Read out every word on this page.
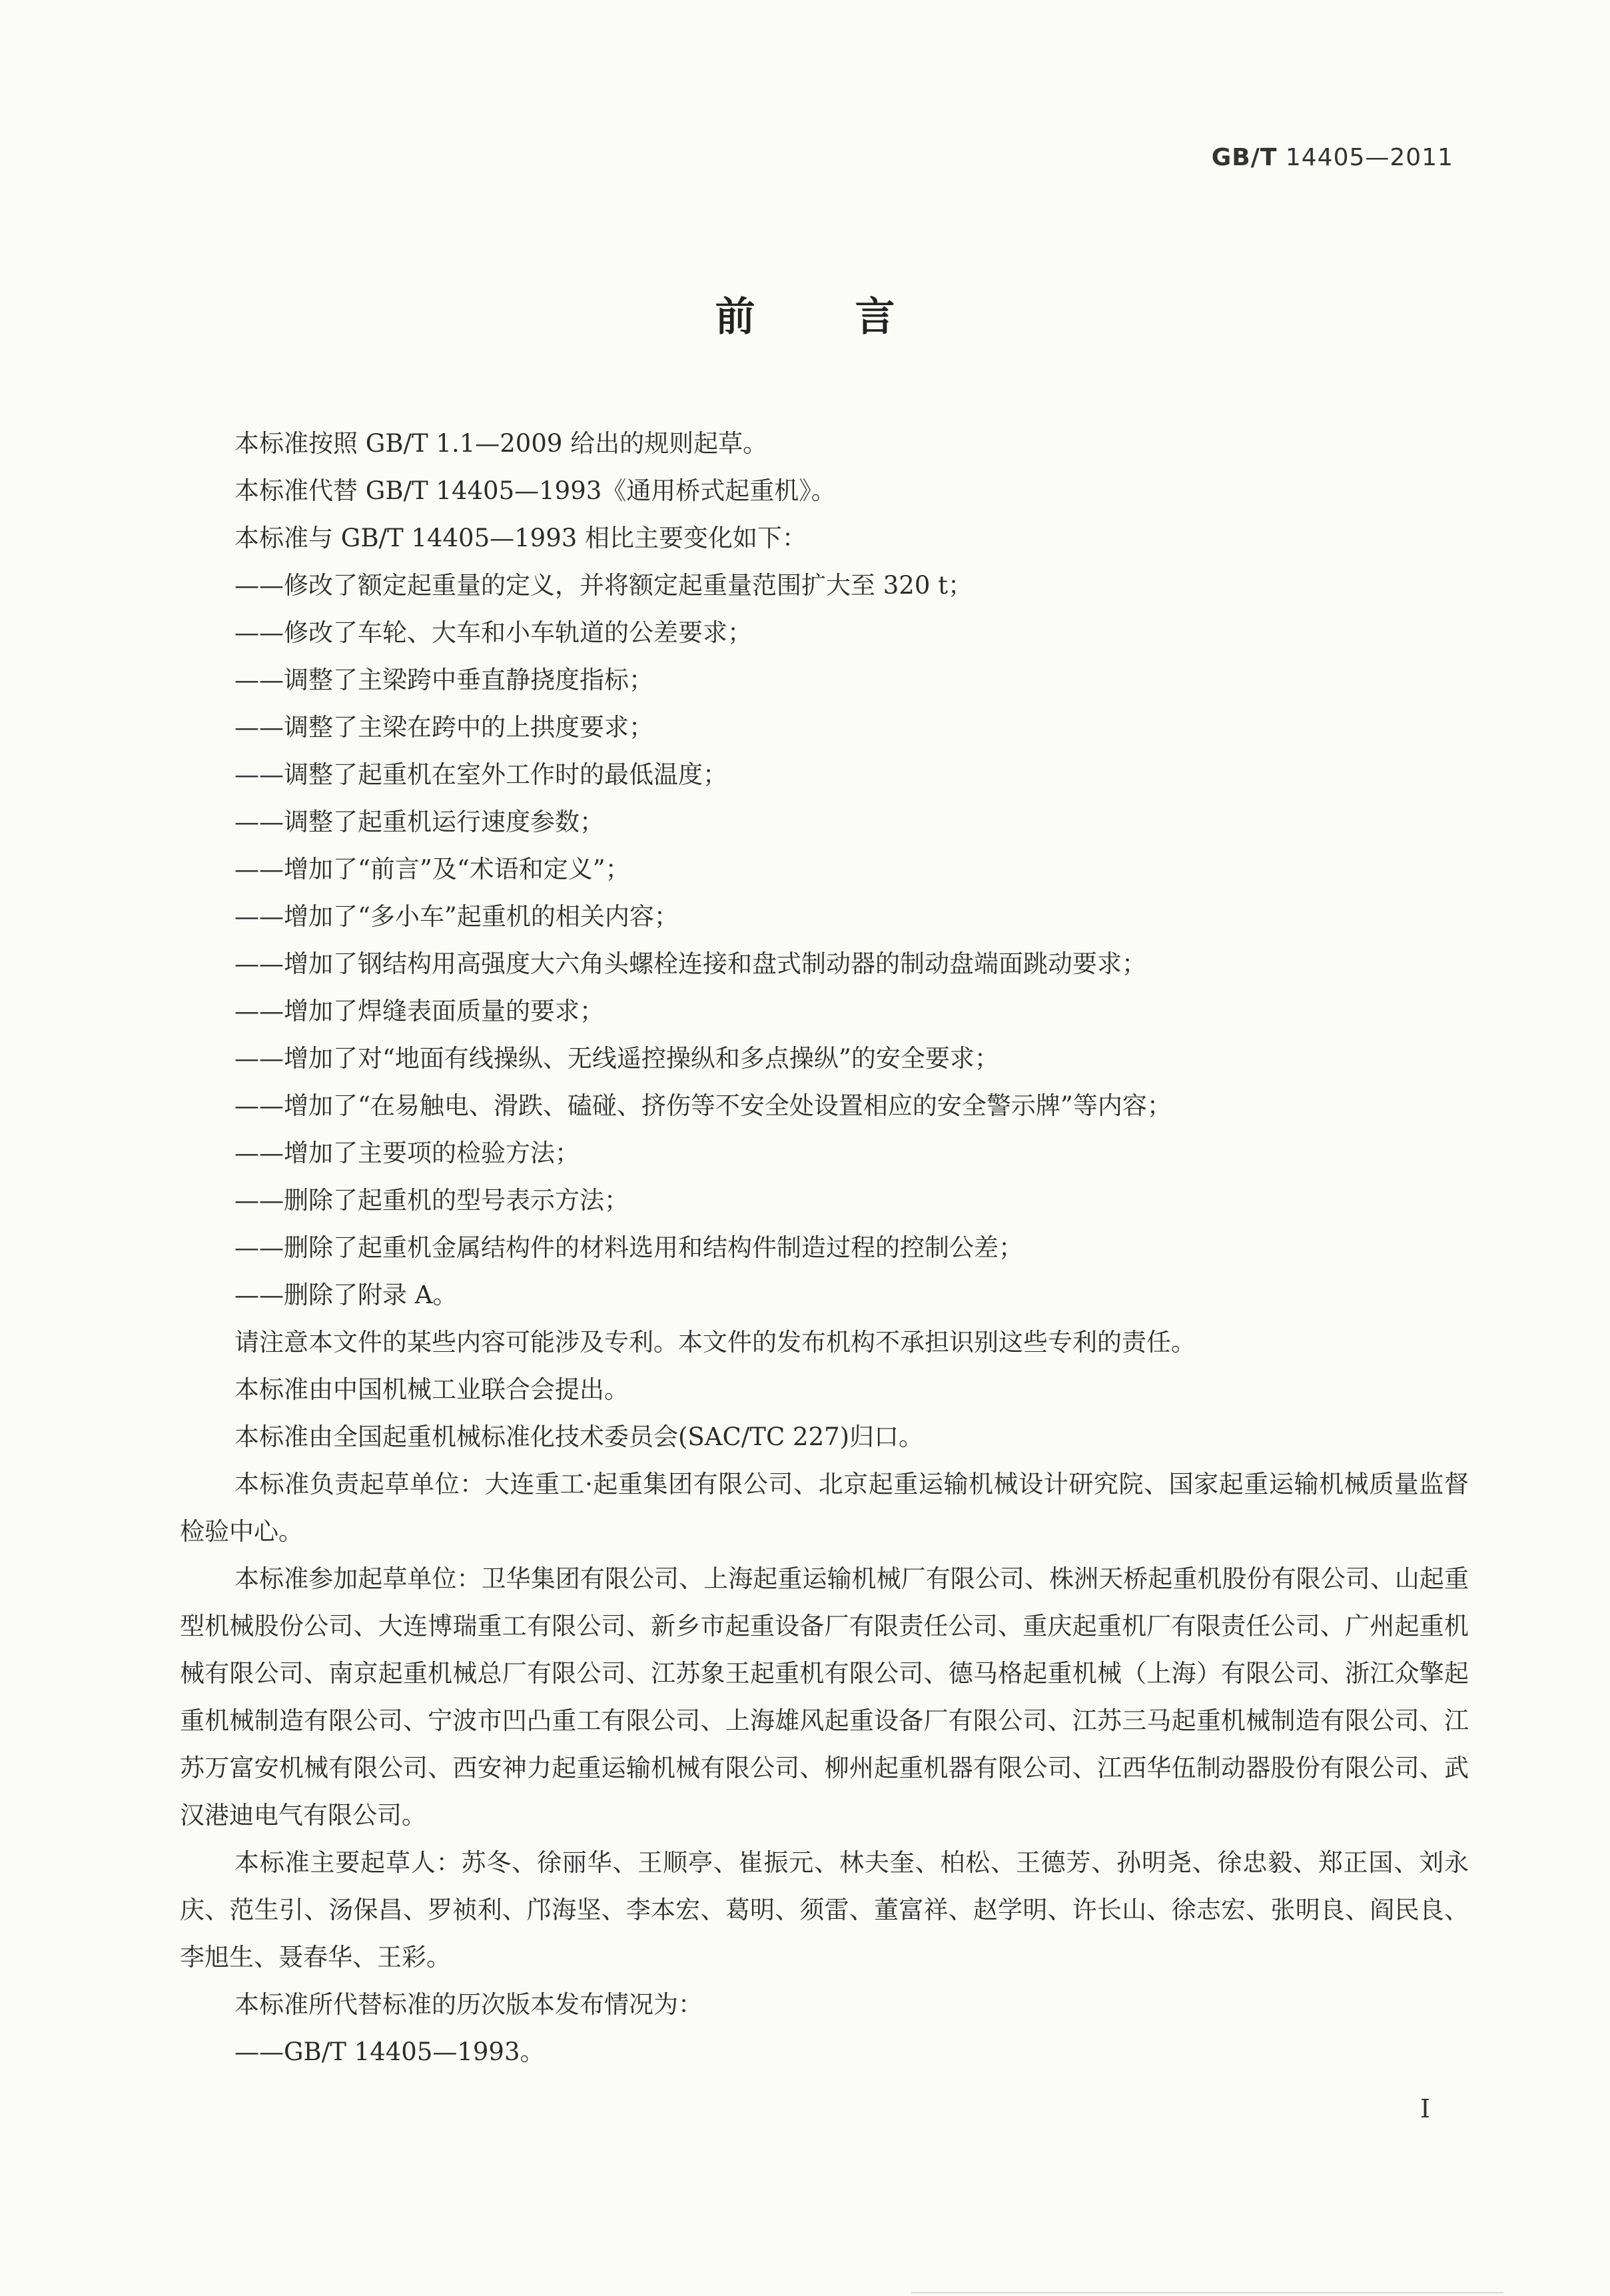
GB/T 14405—2011
前言

本标准按照 GB/T 1.1—2009 给出的规则起草。

本标准代替 GB/T 14405—1993《通用桥式起重机》。

本标准与 GB/T 14405—1993 相比主要变化如下：

——修改了额定起重量的定义，并将额定起重量范围扩大至 320 t；

——修改了车轮、大车和小车轨道的公差要求；

——调整了主梁跨中垂直静挠度指标；

——调整了主梁在跨中的上拱度要求；

——调整了起重机在室外工作时的最低温度；

——调整了起重机运行速度参数；

——增加了“前言”及“术语和定义”；

——增加了“多小车”起重机的相关内容；

——增加了钢结构用高强度大六角头螺栓连接和盘式制动器的制动盘端面跳动要求；

——增加了焊缝表面质量的要求；

——增加了对“地面有线操纵、无线遥控操纵和多点操纵”的安全要求；

——增加了“在易触电、滑跌、磕碰、挤伤等不安全处设置相应的安全警示牌”等内容；

——增加了主要项的检验方法；

——删除了起重机的型号表示方法；

——删除了起重机金属结构件的材料选用和结构件制造过程的控制公差；

——删除了附录 A。

请注意本文件的某些内容可能涉及专利。本文件的发布机构不承担识别这些专利的责任。

本标准由中国机械工业联合会提出。

本标准由全国起重机械标准化技术委员会(SAC/TC 227)归口。

本标准负责起草单位：大连重工·起重集团有限公司、北京起重运输机械设计研究院、国家起重运输机械质量监督检验中心。

本标准参加起草单位：卫华集团有限公司、上海起重运输机械厂有限公司、株洲天桥起重机股份有限公司、山起重型机械股份公司、大连博瑞重工有限公司、新乡市起重设备厂有限责任公司、重庆起重机厂有限责任公司、广州起重机械有限公司、南京起重机械总厂有限公司、江苏象王起重机有限公司、德马格起重机械（上海）有限公司、浙江众擎起重机械制造有限公司、宁波市凹凸重工有限公司、上海雄风起重设备厂有限公司、江苏三马起重机械制造有限公司、江苏万富安机械有限公司、西安神力起重运输机械有限公司、柳州起重机器有限公司、江西华伍制动器股份有限公司、武汉港迪电气有限公司。

本标准主要起草人：苏冬、徐丽华、王顺亭、崔振元、林夫奎、柏松、王德芳、孙明尧、徐忠毅、郑正国、刘永庆、范生引、汤保昌、罗祯利、邝海坚、李本宏、葛明、须雷、董富祥、赵学明、许长山、徐志宏、张明良、阎民良、李旭生、聂春华、王彩。

本标准所代替标准的历次版本发布情况为：

——GB/T 14405—1993。

I
